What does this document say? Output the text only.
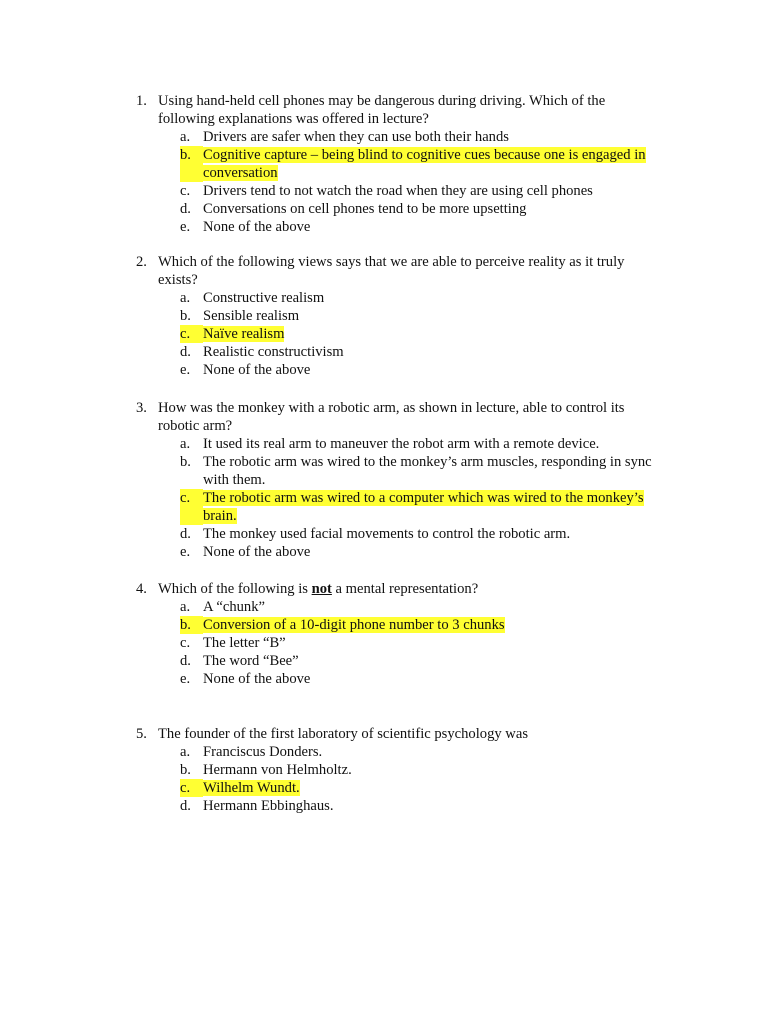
1. Using hand-held cell phones may be dangerous during driving. Which of the following explanations was offered in lecture?
a. Drivers are safer when they can use both their hands
b. Cognitive capture – being blind to cognitive cues because one is engaged in conversation
c. Drivers tend to not watch the road when they are using cell phones
d. Conversations on cell phones tend to be more upsetting
e. None of the above
2. Which of the following views says that we are able to perceive reality as it truly exists?
a. Constructive realism
b. Sensible realism
c. Naïve realism
d. Realistic constructivism
e. None of the above
3. How was the monkey with a robotic arm, as shown in lecture, able to control its robotic arm?
a. It used its real arm to maneuver the robot arm with a remote device.
b. The robotic arm was wired to the monkey’s arm muscles, responding in sync with them.
c. The robotic arm was wired to a computer which was wired to the monkey’s brain.
d. The monkey used facial movements to control the robotic arm.
e. None of the above
4. Which of the following is not a mental representation?
a. A “chunk”
b. Conversion of a 10-digit phone number to 3 chunks
c. The letter “B”
d. The word “Bee”
e. None of the above
5. The founder of the first laboratory of scientific psychology was
a. Franciscus Donders.
b. Hermann von Helmholtz.
c. Wilhelm Wundt.
d. Hermann Ebbinghaus.
